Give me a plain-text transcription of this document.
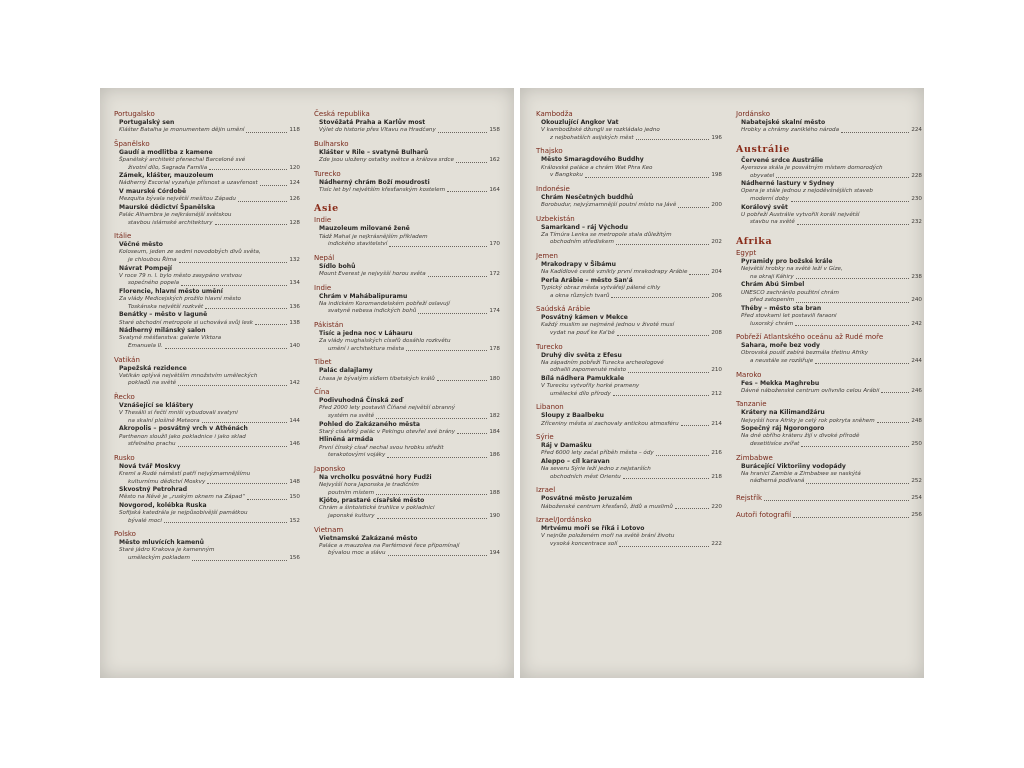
Portugalsko
Portugalský sen
Klášter Batalha je monumentem dějin umění	118
Španělsko
Gaudí a modlitba z kamene
Španělský architekt přenechal Barceloně své
životní dílo, Sagrada Familia	120
Zámek, klášter, mauzoleum
Nádherný Escorial vyzařuje přísnost a uzavřenost	124
V maurské Córdobě
Mezquita bývala největší mešitou Západu	126
Maurské dědictví Španělska
Palác Alhambra je nejkrásnější světskou
stavbou islámské architektury	128
Itálie
Věčné město
Koloseum, jeden ze sedmi novodobých divů světa,
je chloubou Říma	132
Návrat Pompejí
V roce 79 n. l. bylo město zasypáno vrstvou
sopečného popela	134
Florencie, hlavní město umění
Za vlády Medicejských prožilo hlavní město
Toskánska největší rozkvět	136
Benátky – město v laguně
Staré obchodní metropole si uchovává svůj lesk	138
Nádherný milánský salon
Svatyně měšťanstva: galerie Viktora
Emanuela II.	140
Vatikán
Papežská rezidence
Vatikán oplývá největším množstvím uměleckých
pokladů na světě	142
Řecko
Vznášející se kláštery
V Thesálii si řečtí mniši vybudovali svatyni
na skalní plošině Meteora	144
Akropolis – posvátný vrch v Athénách
Parthenon sloužil jako pokladnice i jako sklad
střelného prachu	146
Rusko
Nová tvář Moskvy
Kreml a Rudé náměstí patří nejvýznamnějšímu
kulturnímu dědictví Moskvy	148
Skvostný Petrohrad
Město na Něvě je „ruským oknem na Západ“	150
Novgorod, kolébka Ruska
Sofijská katedrála je nejpůsobivější památkou
bývalé moci	152
Polsko
Město mluvících kamenů
Staré jádro Krakova je kamenným
uměleckým pokladem	156
Česká republika
Stověžatá Praha a Karlův most
Výlet do historie přes Vltavu na Hradčany	158
Bulharsko
Klášter v Rile – svatyně Bulharů
Zde jsou uloženy ostatky světce a králova srdce	162
Turecko
Nádherný chrám Boží moudrosti
Tisíc let byl největším křesťanským kostelem	164
Asie
Indie
Mauzoleum milované ženě
Tádž Mahal je nejkrásnějším příkladem
indického stavitelství	170
Nepál
Sídlo bohů
Mount Everest je nejvyšší horou světa	172
Indie
Chrám v Mahábalipuramu
Na indickém Koromandelském pobřeží oslavují
svatyně nebesa indických bohů	174
Pákistán
Tisíc a jedna noc v Láhauru
Za vlády mughalských císařů dosáhlo rozkvětu
umění i architektura města	178
Tibet
Palác dalajlamy
Lhasa je bývalým sídlem tibetských králů	180
Čína
Podivuhodná Čínská zeď
Před 2000 lety postavili Číňané největší obranný
systém na světě	182
Pohled do Zakázaného města
Starý císařský palác v Pekingu otevřel své brány	184
Hliněná armáda
První čínský císař nechal svou hrobku střežit
terakotovými vojáky	186
Japonsko
Na vrcholku posvátné hory Fudži
Nejvyšší hora Japonska je tradičním
poutním místem	188
Kjóto, prastaré císařské město
Chrám a šintoistické truhlice v pokladnici
japonské kultury	190
Vietnam
Vietnamské Zakázané město
Paláce a mauzolea na Parfémové řece připomínají
bývalou moc a slávu	194
Kambodža
Okouzlující Angkor Vat
V kambodžské džungli se rozkládalo jedno
z nejbohatších asijských měst	196
Thajsko
Město Smaragdového Buddhy
Královské paláce a chrám Wat Phra Keo
v Bangkoku	198
Indonésie
Chrám Nesčetných buddhů
Borobudur, nejvýznamnější poutní místo na Jávě	200
Uzbekistán
Samarkand – ráj Východu
Za Tímúra Lenka se metropole stala důležitým
obchodním střediskem	202
Jemen
Mrakodrapy v Šibámu
Na Kadídlové cestě vznikly první mrakodrapy Arábie	204
Perla Arábie – město San'á
Typický obraz města vytvářejí pálené cihly
a okna různých tvarů	206
Saúdská Arábie
Posvátný kámen v Mekce
Každý muslim se nejméně jednou v životě musí
vydat na pouť ke Ka'bě	208
Turecko
Druhý div světa z Efesu
Na západním pobřeží Turecka archeologové
odhalili zapomenuté město	210
Bílá nádhera Pamukkale
V Turecku vytvořily horké prameny
umělecké dílo přírody	212
Libanon
Sloupy z Baalbeku
Zříceniny města si zachovaly antickou atmosféru	214
Sýrie
Ráj v Damašku
Před 6000 lety začal příběh města – ódy	216
Aleppo – cíl karavan
Na severu Sýrie leží jedno z nejstarších
obchodních měst Orientu	218
Izrael
Posvátné město Jeruzalém
Náboženské centrum křesťanů, židů a muslimů	220
Izrael/Jordánsko
Mrtvému moři se říká i Lotovo
V nejníže položeném moři na světě brání životu
vysoká koncentrace solí	222
Jordánsko
Nabatejské skalní město
Hrobky a chrámy zaniklého národa	224
Austrálie
Červené srdce Austrálie
Ayersova skála je posvátným místem domorodých
obyvatel	228
Nádherné lastury v Sydney
Opera je stále jednou z nejoděvšnějších staveb
moderní doby	230
Korálový svět
U pobřeží Austrálie vytvořili koráli největší
stavbu na světě	232
Afrika
Egypt
Pyramidy pro božské krále
Největší hrobky na světě leží v Gíze,
na okraji Káhiry	238
Chrám Abú Simbel
UNESCO zachránilo použitní chrám
před zatopením	240
Théby – město sta bran
Před stovkami let postavili faraoni
luxorský chrám	242
Pobřeží Atlantského oceánu až Rudé moře
Sahara, moře bez vody
Obrovská poušť zabírá bezmála třetinu Afriky
a neustále se rozšiřuje	244
Maroko
Fes – Mekka Maghrebu
Dávné náboženské centrum ovlivnilo celou Arábii	246
Tanzanie
Krátery na Kilimandžáru
Nejvyšší hora Afriky je celý rok pokryta sněhem	248
Sopečný ráj Ngorongoro
Na dně obřího kráteru žijí v divoké přírodě
desetitisíce zvířat	250
Zimbabwe
Burácející Viktoriiny vodopády
Na hranici Zambie a Zimbabwe se naskýtá
nádherná podívaná	252
Rejstřík	254
Autoři fotografií	256
